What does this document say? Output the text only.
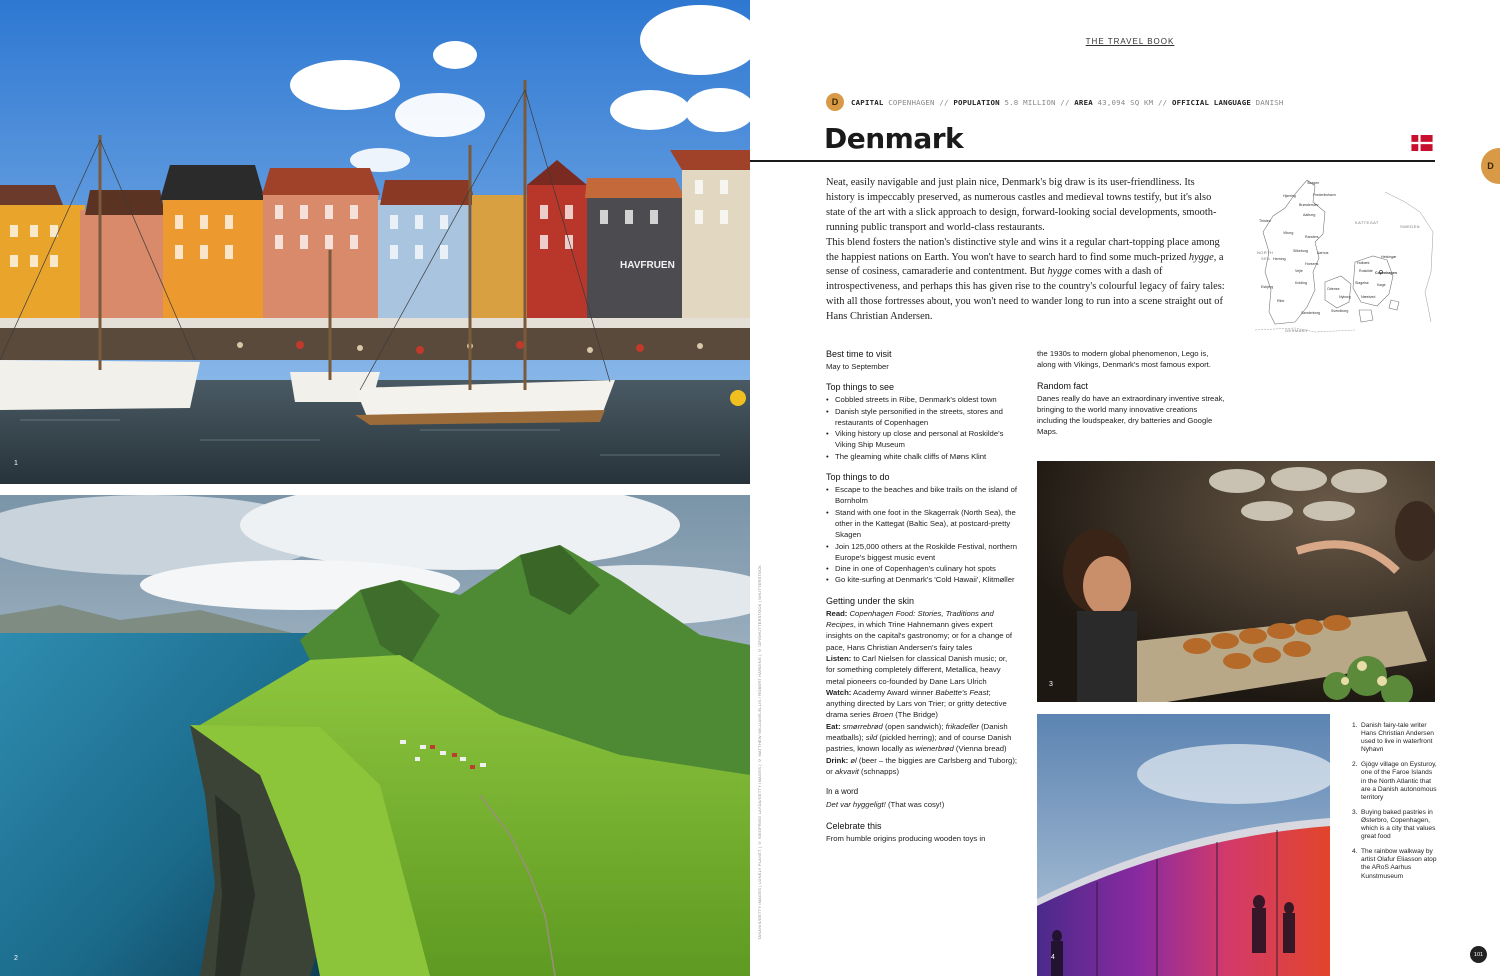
HAVFRUEN
1
2
TANANIS/GETTY IMAGES | LONELY PLANET | © SIEGFRIED LAYDA/GETTY IMAGES | © MATTHEW WILLIAMS-ELLIS / ROBERT HARDING | © IZF/SHUTTERSTOCK | SHUTTERSTOCK
THE TRAVEL BOOK
D	CAPITAL COPENHAGEN // POPULATION 5.8 MILLION // AREA 43,094 SQ KM // OFFICIAL LANGUAGE DANISH
Denmark
D

Neat, easily navigable and just plain nice, Denmark's big draw is its user-friendliness. Its history is impeccably preserved, as numerous castles and medieval towns testify, but it's also state of the art with a slick approach to design, forward-looking social developments, smooth-running public transport and world-class restaurants.

This blend fosters the nation's distinctive style and wins it a regular chart-topping place among the happiest nations on Earth. You won't have to search hard to find some much-prized hygge, a sense of cosiness, camaraderie and contentment. But hygge comes with a dash of introspectiveness, and perhaps this has given rise to the country's colourful legacy of fairy tales: with all those fortresses about, you won't need to wander long to run into a scene straight out of Hans Christian Andersen.

KATTEGAT
NORTH
SEA
SWEDEN
GERMANY
Skagen
Hjørring	Frederikshavn
Aalborg
Brønderslev
Thisted
Randers
Viborg
Aarhus
Silkeborg
Herning
Vejle
Horsens
Esbjerg
Kolding
Ribe
Odense
Svendborg
Sønderborg
Nyborg
Roskilde Copenhagen
Køge
Næstved
Slagelse
Holbæk
Helsingør
Best time to visit

May to September

Top things to see
• Cobbled streets in Ribe, Denmark's oldest town
• Danish style personified in the streets, stores and restaurants of Copenhagen
• Viking history up close and personal at Roskilde's Viking Ship Museum
• The gleaming white chalk cliffs of Møns Klint
Top things to do
• Escape to the beaches and bike trails on the island of Bornholm
• Stand with one foot in the Skagerrak (North Sea), the other in the Kattegat (Baltic Sea), at postcard-pretty Skagen
• Join 125,000 others at the Roskilde Festival, northern Europe's biggest music event
• Dine in one of Copenhagen's culinary hot spots
• Go kite-surfing at Denmark's 'Cold Hawaii', Klitmøller
Getting under the skin

Read: Copenhagen Food: Stories, Traditions and Recipes, in which Trine Hahnemann gives expert insights on the capital's gastronomy; or for a change of pace, Hans Christian Andersen's fairy tales

Listen: to Carl Nielsen for classical Danish music; or, for something completely different, Metallica, heavy metal pioneers co-founded by Dane Lars Ulrich

Watch: Academy Award winner Babette's Feast; anything directed by Lars von Trier; or gritty detective drama series Broen (The Bridge)

Eat: smørrebrød (open sandwich); frikadeller (Danish meatballs); sild (pickled herring); and of course Danish pastries, known locally as wienerbrød (Vienna bread)

Drink: øl (beer – the biggies are Carlsberg and Tuborg); or akvavit (schnapps)

In a word

Det var hyggeligt! (That was cosy!)

Celebrate this

From humble origins producing wooden toys in

the 1930s to modern global phenomenon, Lego is, along with Vikings, Denmark's most famous export.

Random fact

Danes really do have an extraordinary inventive streak, bringing to the world many innovative creations including the loudspeaker, dry batteries and Google Maps.

3
4
1. Danish fairy-tale writer Hans Christian Andersen used to live in waterfront Nyhavn
2. Gjógv village on Eysturoy, one of the Faroe Islands in the North Atlantic that are a Danish autonomous territory
3. Buying baked pastries in Østerbro, Copenhagen, which is a city that values great food
4. The rainbow walkway by artist Olafur Eliasson atop the ARoS Aarhus Kunstmuseum
101
